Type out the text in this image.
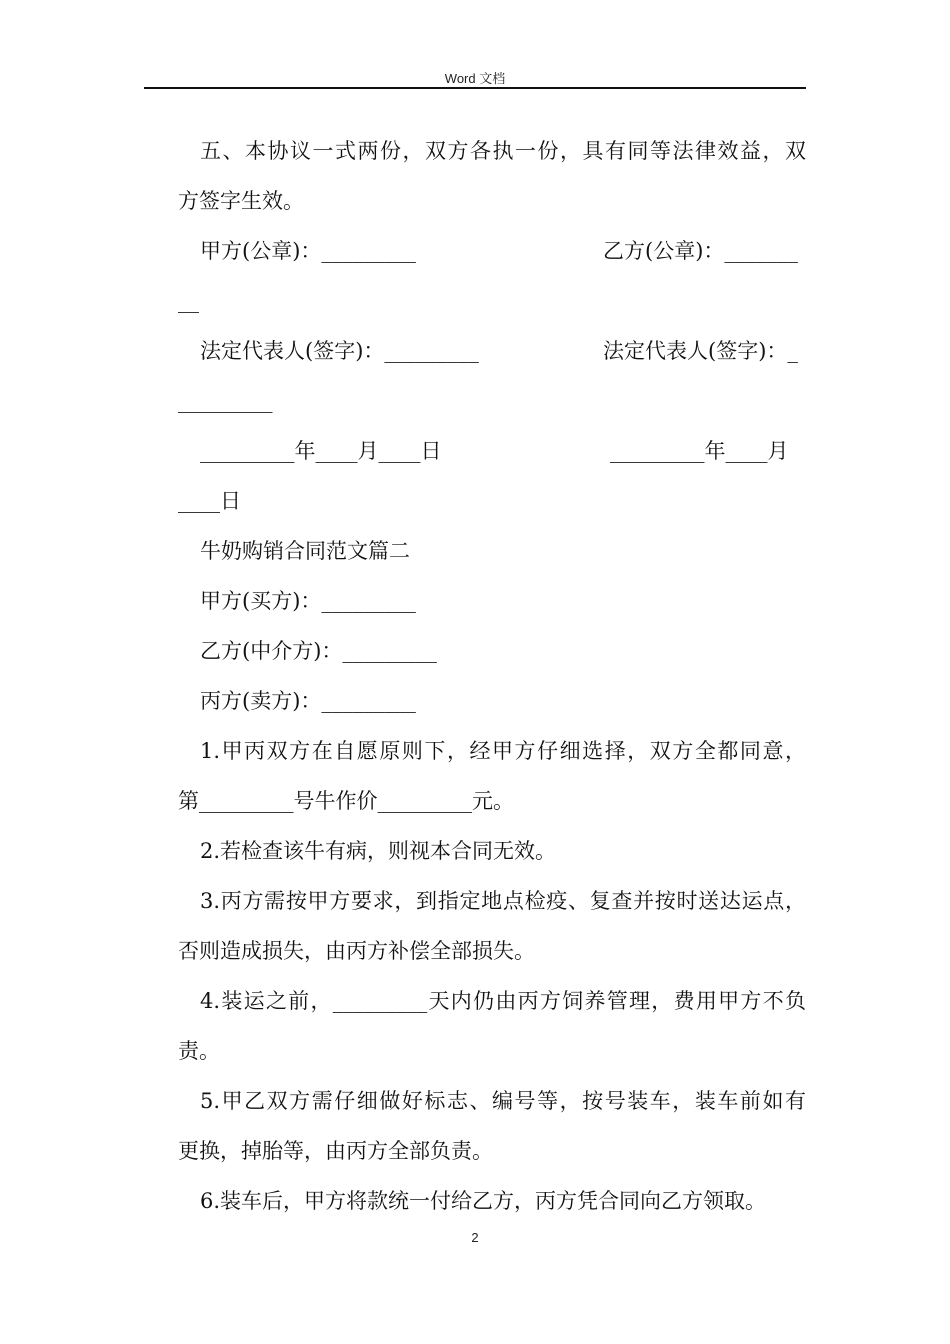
Word 文档
五、本协议一式两份，双方各执一份，具有同等法律效益，双
方签字生效。
甲方(公章)：_________	乙方(公章)：_______
__
法定代表人(签字)：_________	法定代表人(签字)：_
_________
_________年____月____日	_________年____月
____日
牛奶购销合同范文篇二
甲方(买方)：_________
乙方(中介方)：_________
丙方(卖方)：_________
1.甲丙双方在自愿原则下，经甲方仔细选择，双方全都同意，
第_________号牛作价_________元。
2.若检查该牛有病，则视本合同无效。
3.丙方需按甲方要求，到指定地点检疫、复查并按时送达运点，
否则造成损失，由丙方补偿全部损失。
4.装运之前，_________天内仍由丙方饲养管理，费用甲方不负
责。
5.甲乙双方需仔细做好标志、编号等，按号装车，装车前如有
更换，掉胎等，由丙方全部负责。
6.装车后，甲方将款统一付给乙方，丙方凭合同向乙方领取。
2
